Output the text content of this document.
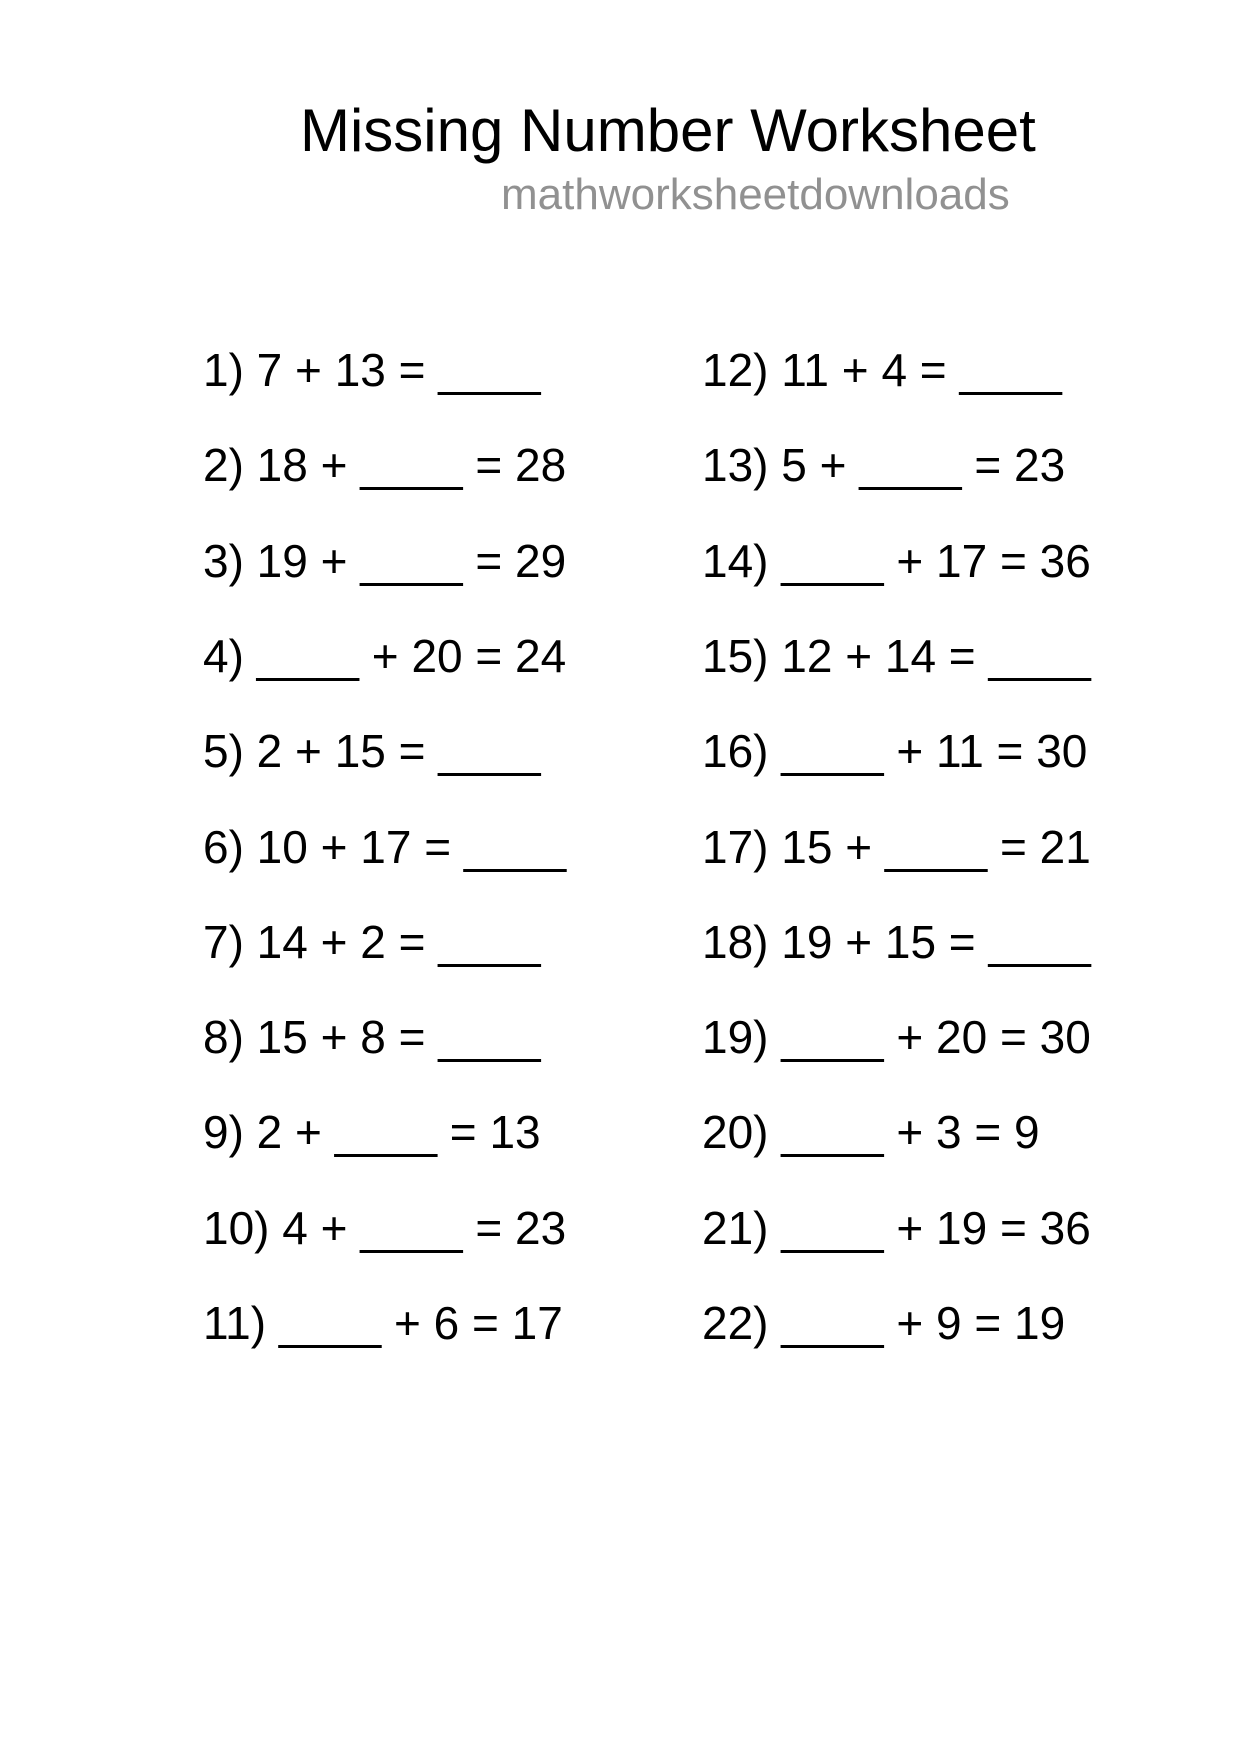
Missing Number Worksheet
mathworksheetdownloads
1) 7 + 13 = ____
2) 18 + ____ = 28
3) 19 + ____ = 29
4) ____ + 20 = 24
5) 2 + 15 = ____
6) 10 + 17 = ____
7) 14 + 2 = ____
8) 15 + 8 = ____
9) 2 + ____ = 13
10) 4 + ____ = 23
11) ____ + 6 = 17
12) 11 + 4 = ____
13) 5 + ____ = 23
14) ____ + 17 = 36
15) 12 + 14 = ____
16) ____ + 11 = 30
17) 15 + ____ = 21
18) 19 + 15 = ____
19) ____ + 20 = 30
20) ____ + 3 = 9
21) ____ + 19 = 36
22) ____ + 9 = 19
